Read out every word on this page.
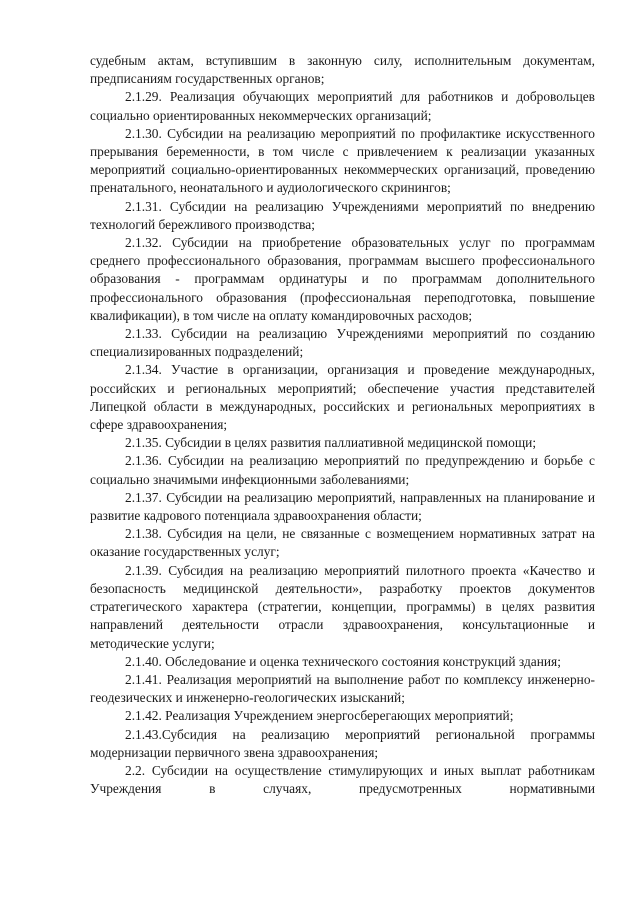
судебным актам, вступившим в законную силу, исполнительным документам, предписаниям государственных органов;

2.1.29. Реализация обучающих мероприятий для работников и добровольцев социально ориентированных некоммерческих организаций;

2.1.30. Субсидии на реализацию мероприятий по профилактике искусственного прерывания беременности, в том числе с привлечением к реализации указанных мероприятий социально-ориентированных некоммерческих организаций, проведению пренатального, неонатального и аудиологического скринингов;

2.1.31. Субсидии на реализацию Учреждениями мероприятий по внедрению технологий бережливого производства;

2.1.32. Субсидии на приобретение образовательных услуг по программам среднего профессионального образования, программам высшего профессионального образования - программам ординатуры и по программам дополнительного профессионального образования (профессиональная переподготовка, повышение квалификации), в том числе на оплату командировочных расходов;

2.1.33. Субсидии на реализацию Учреждениями мероприятий по созданию специализированных подразделений;

2.1.34. Участие в организации, организация и проведение международных, российских и региональных мероприятий; обеспечение участия представителей Липецкой области в международных, российских и региональных мероприятиях в сфере здравоохранения;

2.1.35. Субсидии в целях развития паллиативной медицинской помощи;

2.1.36. Субсидии на реализацию мероприятий по предупреждению и борьбе с социально значимыми инфекционными заболеваниями;

2.1.37. Субсидии на реализацию мероприятий, направленных на планирование и развитие кадрового потенциала здравоохранения области;

2.1.38. Субсидия на цели, не связанные с возмещением нормативных затрат на оказание государственных услуг;

2.1.39. Субсидия на реализацию мероприятий пилотного проекта «Качество и безопасность медицинской деятельности», разработку проектов документов стратегического характера (стратегии, концепции, программы) в целях развития направлений деятельности отрасли здравоохранения, консультационные и методические услуги;

2.1.40. Обследование и оценка технического состояния конструкций здания;

2.1.41. Реализация мероприятий на выполнение работ по комплексу инженерно-геодезических и инженерно-геологических изысканий;

2.1.42. Реализация Учреждением энергосберегающих мероприятий;

2.1.43.Субсидия на реализацию мероприятий региональной программы модернизации первичного звена здравоохранения;

2.2. Субсидии на осуществление стимулирующих и иных выплат работникам Учреждения в случаях, предусмотренных нормативными
